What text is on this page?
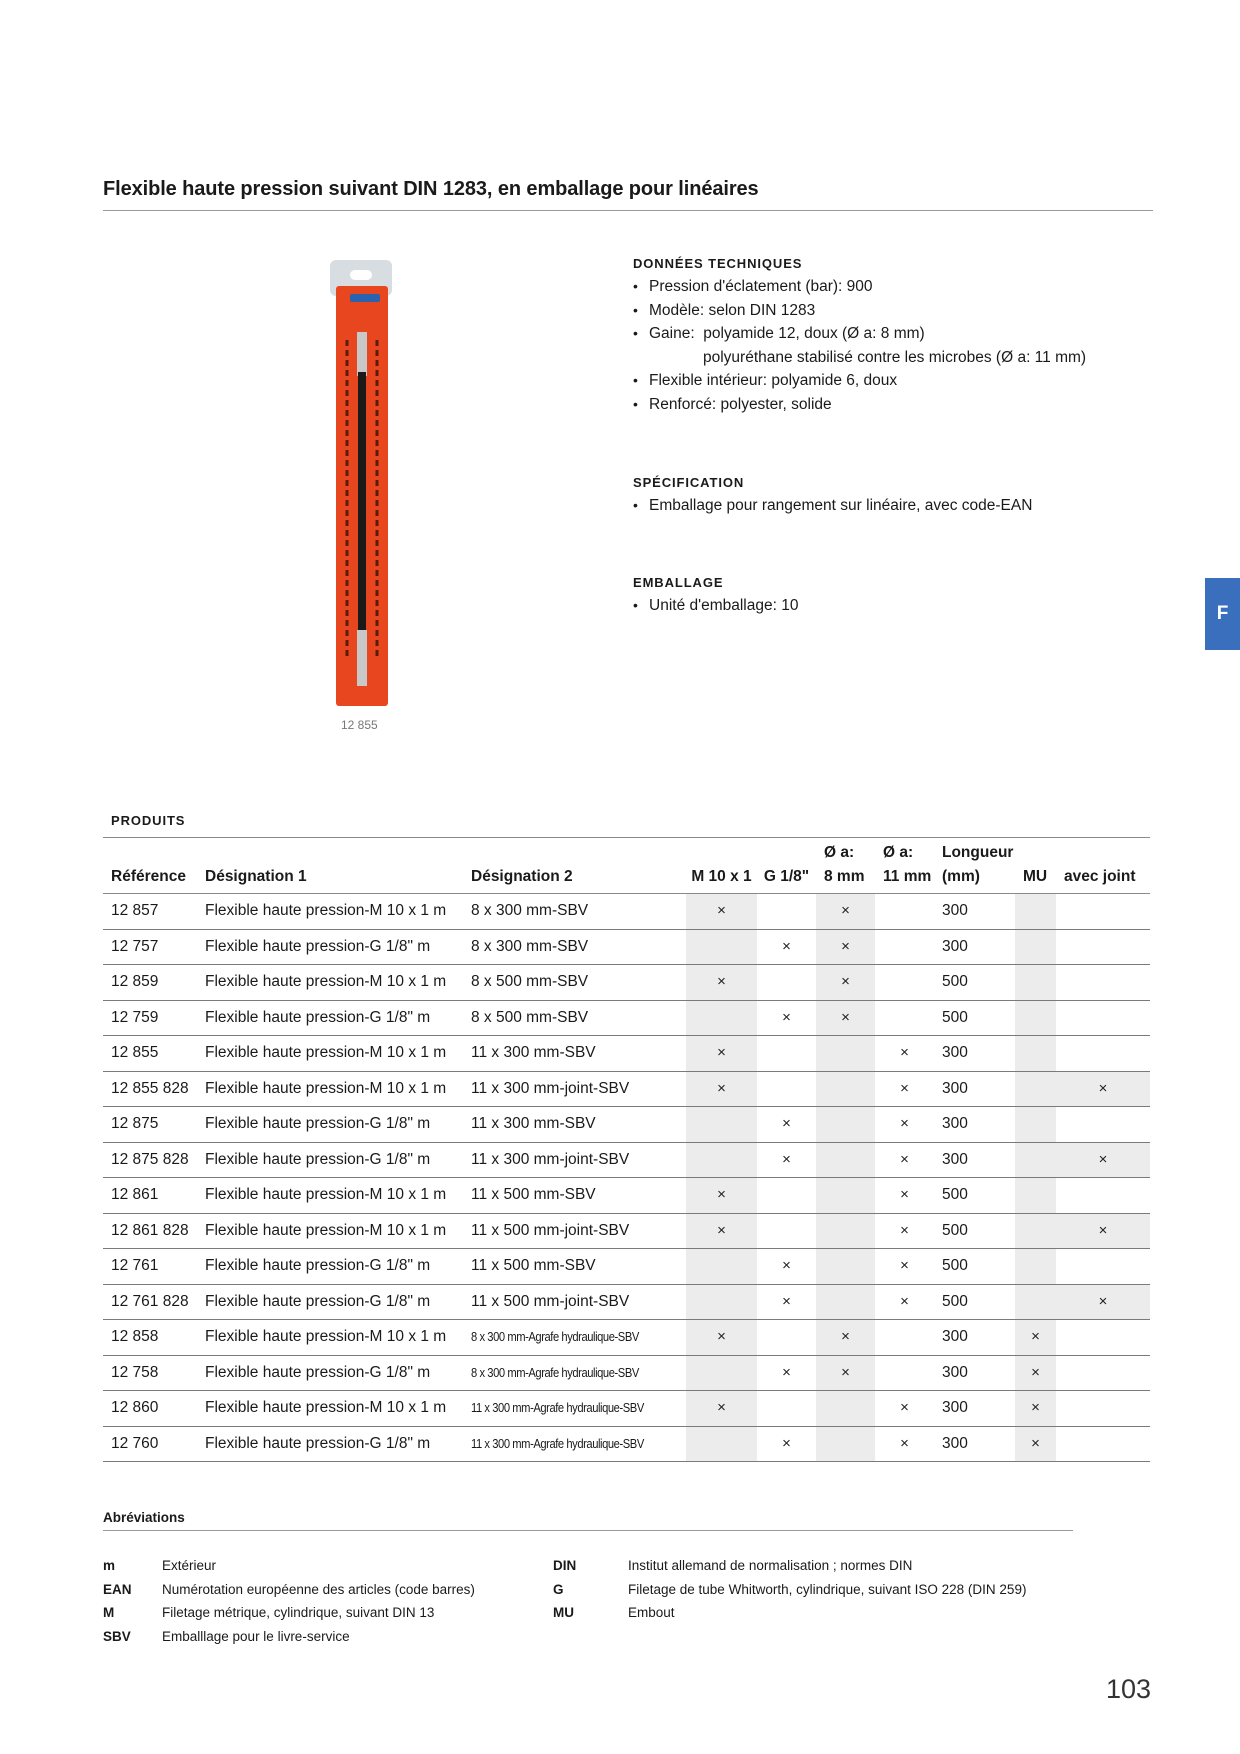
Flexible haute pression suivant DIN 1283, en emballage pour linéaires
12 855
DONNÉES TECHNIQUES
• Pression d'éclatement (bar): 900
• Modèle: selon DIN 1283
• Gaine:  polyamide 12, doux (Ø a: 8 mm)
polyuréthane stabilisé contre les microbes (Ø a: 11 mm)
• Flexible intérieur: polyamide 6, doux
• Renforcé: polyester, solide
SPÉCIFICATION
• Emballage pour rangement sur linéaire, avec code-EAN
EMBALLAGE
• Unité d'emballage: 10	F
PRODUITS
Référence	Désignation 1	Désignation 2	M 10 x 1	G 1/8"	Ø a:
8 mm	Ø a:
11 mm	Longueur
(mm)	MU	avec joint
12 857	Flexible haute pression-M 10 x 1 m	8 x 300 mm-SBV	×		×		300		
12 757	Flexible haute pression-G 1/8" m	8 x 300 mm-SBV		×	×		300		
12 859	Flexible haute pression-M 10 x 1 m	8 x 500 mm-SBV	×		×		500		
12 759	Flexible haute pression-G 1/8" m	8 x 500 mm-SBV		×	×		500		
12 855	Flexible haute pression-M 10 x 1 m	11 x 300 mm-SBV	×			×	300		
12 855 828	Flexible haute pression-M 10 x 1 m	11 x 300 mm-joint-SBV	×			×	300		×
12 875	Flexible haute pression-G 1/8" m	11 x 300 mm-SBV		×		×	300		
12 875 828	Flexible haute pression-G 1/8" m	11 x 300 mm-joint-SBV		×		×	300		×
12 861	Flexible haute pression-M 10 x 1 m	11 x 500 mm-SBV	×			×	500		
12 861 828	Flexible haute pression-M 10 x 1 m	11 x 500 mm-joint-SBV	×			×	500		×
12 761	Flexible haute pression-G 1/8" m	11 x 500 mm-SBV		×		×	500		
12 761 828	Flexible haute pression-G 1/8" m	11 x 500 mm-joint-SBV		×		×	500		×
12 858	Flexible haute pression-M 10 x 1 m	8 x 300 mm-Agrafe hydraulique-SBV	×		×		300	×	
12 758	Flexible haute pression-G 1/8" m	8 x 300 mm-Agrafe hydraulique-SBV		×	×		300	×	
12 860	Flexible haute pression-M 10 x 1 m	11 x 300 mm-Agrafe hydraulique-SBV	×			×	300	×	
12 760	Flexible haute pression-G 1/8" m	11 x 300 mm-Agrafe hydraulique-SBV		×		×	300	×	
Abréviations
m	Extérieur
EAN	Numérotation européenne des articles (code barres)
M	Filetage métrique, cylindrique, suivant DIN 13
SBV	Emballlage pour le livre-service
DIN	Institut allemand de normalisation ; normes DIN
G	Filetage de tube Whitworth, cylindrique, suivant ISO 228 (DIN 259)
MU	Embout
103
